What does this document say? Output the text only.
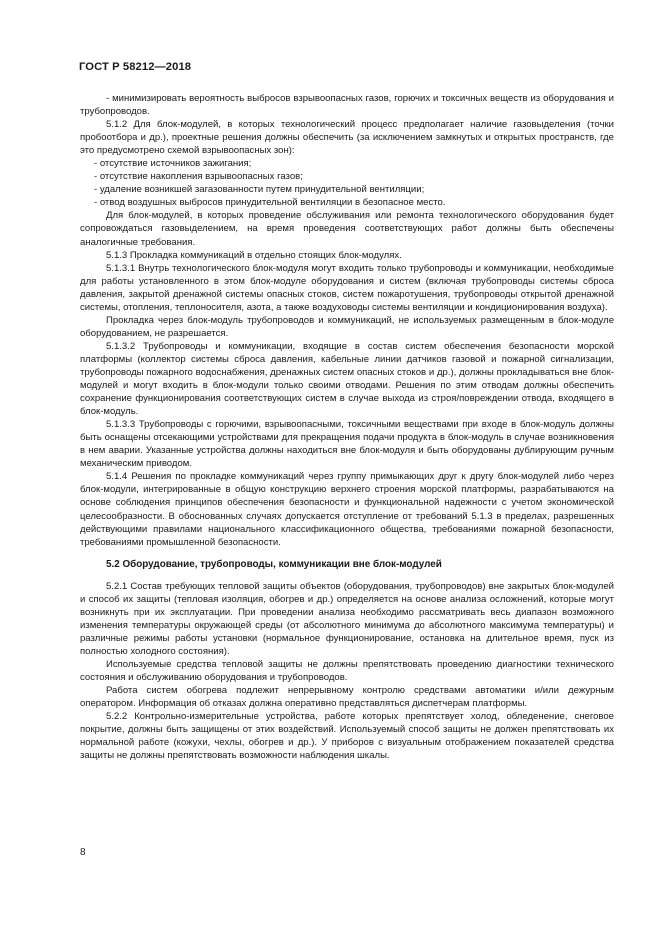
ГОСТ Р 58212—2018

- минимизировать вероятность выбросов взрывоопасных газов, горючих и токсичных веществ из оборудования и трубопроводов.

5.1.2 Для блок-модулей, в которых технологический процесс предполагает наличие газовыделения (точки пробоотбора и др.), проектные решения должны обеспечить (за исключением замкнутых и открытых пространств, где это предусмотрено схемой взрывоопасных зон):

- отсутствие источников зажигания;

- отсутствие накопления взрывоопасных газов;

- удаление возникшей загазованности путем принудительной вентиляции;

- отвод воздушных выбросов принудительной вентиляции в безопасное место.

Для блок-модулей, в которых проведение обслуживания или ремонта технологического оборудования будет сопровождаться газовыделением, на время проведения соответствующих работ должны быть обеспечены аналогичные требования.

5.1.3 Прокладка коммуникаций в отдельно стоящих блок-модулях.

5.1.3.1 Внутрь технологического блок-модуля могут входить только трубопроводы и коммуникации, необходимые для работы установленного в этом блок-модуле оборудования и систем (включая трубопроводы системы сброса давления, закрытой дренажной системы опасных стоков, систем пожаротушения, трубопроводы открытой дренажной системы, отопления, теплоносителя, азота, а также воздуховоды системы вентиляции и кондиционирования воздуха).

Прокладка через блок-модуль трубопроводов и коммуникаций, не используемых размещенным в блок-модуле оборудованием, не разрешается.

5.1.3.2 Трубопроводы и коммуникации, входящие в состав систем обеспечения безопасности морской платформы (коллектор системы сброса давления, кабельные линии датчиков газовой и пожарной сигнализации, трубопроводы пожарного водоснабжения, дренажных систем опасных стоков и др.), должны прокладываться вне блок-модулей и могут входить в блок-модули только своими отводами. Решения по этим отводам должны обеспечить сохранение функционирования соответствующих систем в случае выхода из строя/повреждении отвода, входящего в блок-модуль.

5.1.3.3 Трубопроводы с горючими, взрывоопасными, токсичными веществами при входе в блок-модуль должны быть оснащены отсекающими устройствами для прекращения подачи продукта в блок-модуль в случае возникновения в нем аварии. Указанные устройства должны находиться вне блок-модуля и быть оборудованы дублирующим ручным механическим приводом.

5.1.4 Решения по прокладке коммуникаций через группу примыкающих друг к другу блок-модулей либо через блок-модули, интегрированные в общую конструкцию верхнего строения морской платформы, разрабатываются на основе соблюдения принципов обеспечения безопасности и функциональной надежности с учетом экономической целесообразности. В обоснованных случаях допускается отступление от требований 5.1.3 в пределах, разрешенных действующими правилами национального классификационного общества, требованиями пожарной безопасности, требованиями промышленной безопасности.

5.2 Оборудование, трубопроводы, коммуникации вне блок-модулей

5.2.1 Состав требующих тепловой защиты объектов (оборудования, трубопроводов) вне закрытых блок-модулей и способ их защиты (тепловая изоляция, обогрев и др.) определяется на основе анализа осложнений, которые могут возникнуть при их эксплуатации. При проведении анализа необходимо рассматривать весь диапазон возможного изменения температуры окружающей среды (от абсолютного минимума до абсолютного максимума температуры) и различные режимы работы установки (нормальное функционирование, остановка на длительное время, пуск из полностью холодного состояния).

Используемые средства тепловой защиты не должны препятствовать проведению диагностики технического состояния и обслуживанию оборудования и трубопроводов.

Работа систем обогрева подлежит непрерывному контролю средствами автоматики и/или дежурным оператором. Информация об отказах должна оперативно представляться диспетчерам платформы.

5.2.2 Контрольно-измерительные устройства, работе которых препятствует холод, обледенение, снеговое покрытие, должны быть защищены от этих воздействий. Используемый способ защиты не должен препятствовать их нормальной работе (кожухи, чехлы, обогрев и др.). У приборов с визуальным отображением показателей средства защиты не должны препятствовать возможности наблюдения шкалы.

8
